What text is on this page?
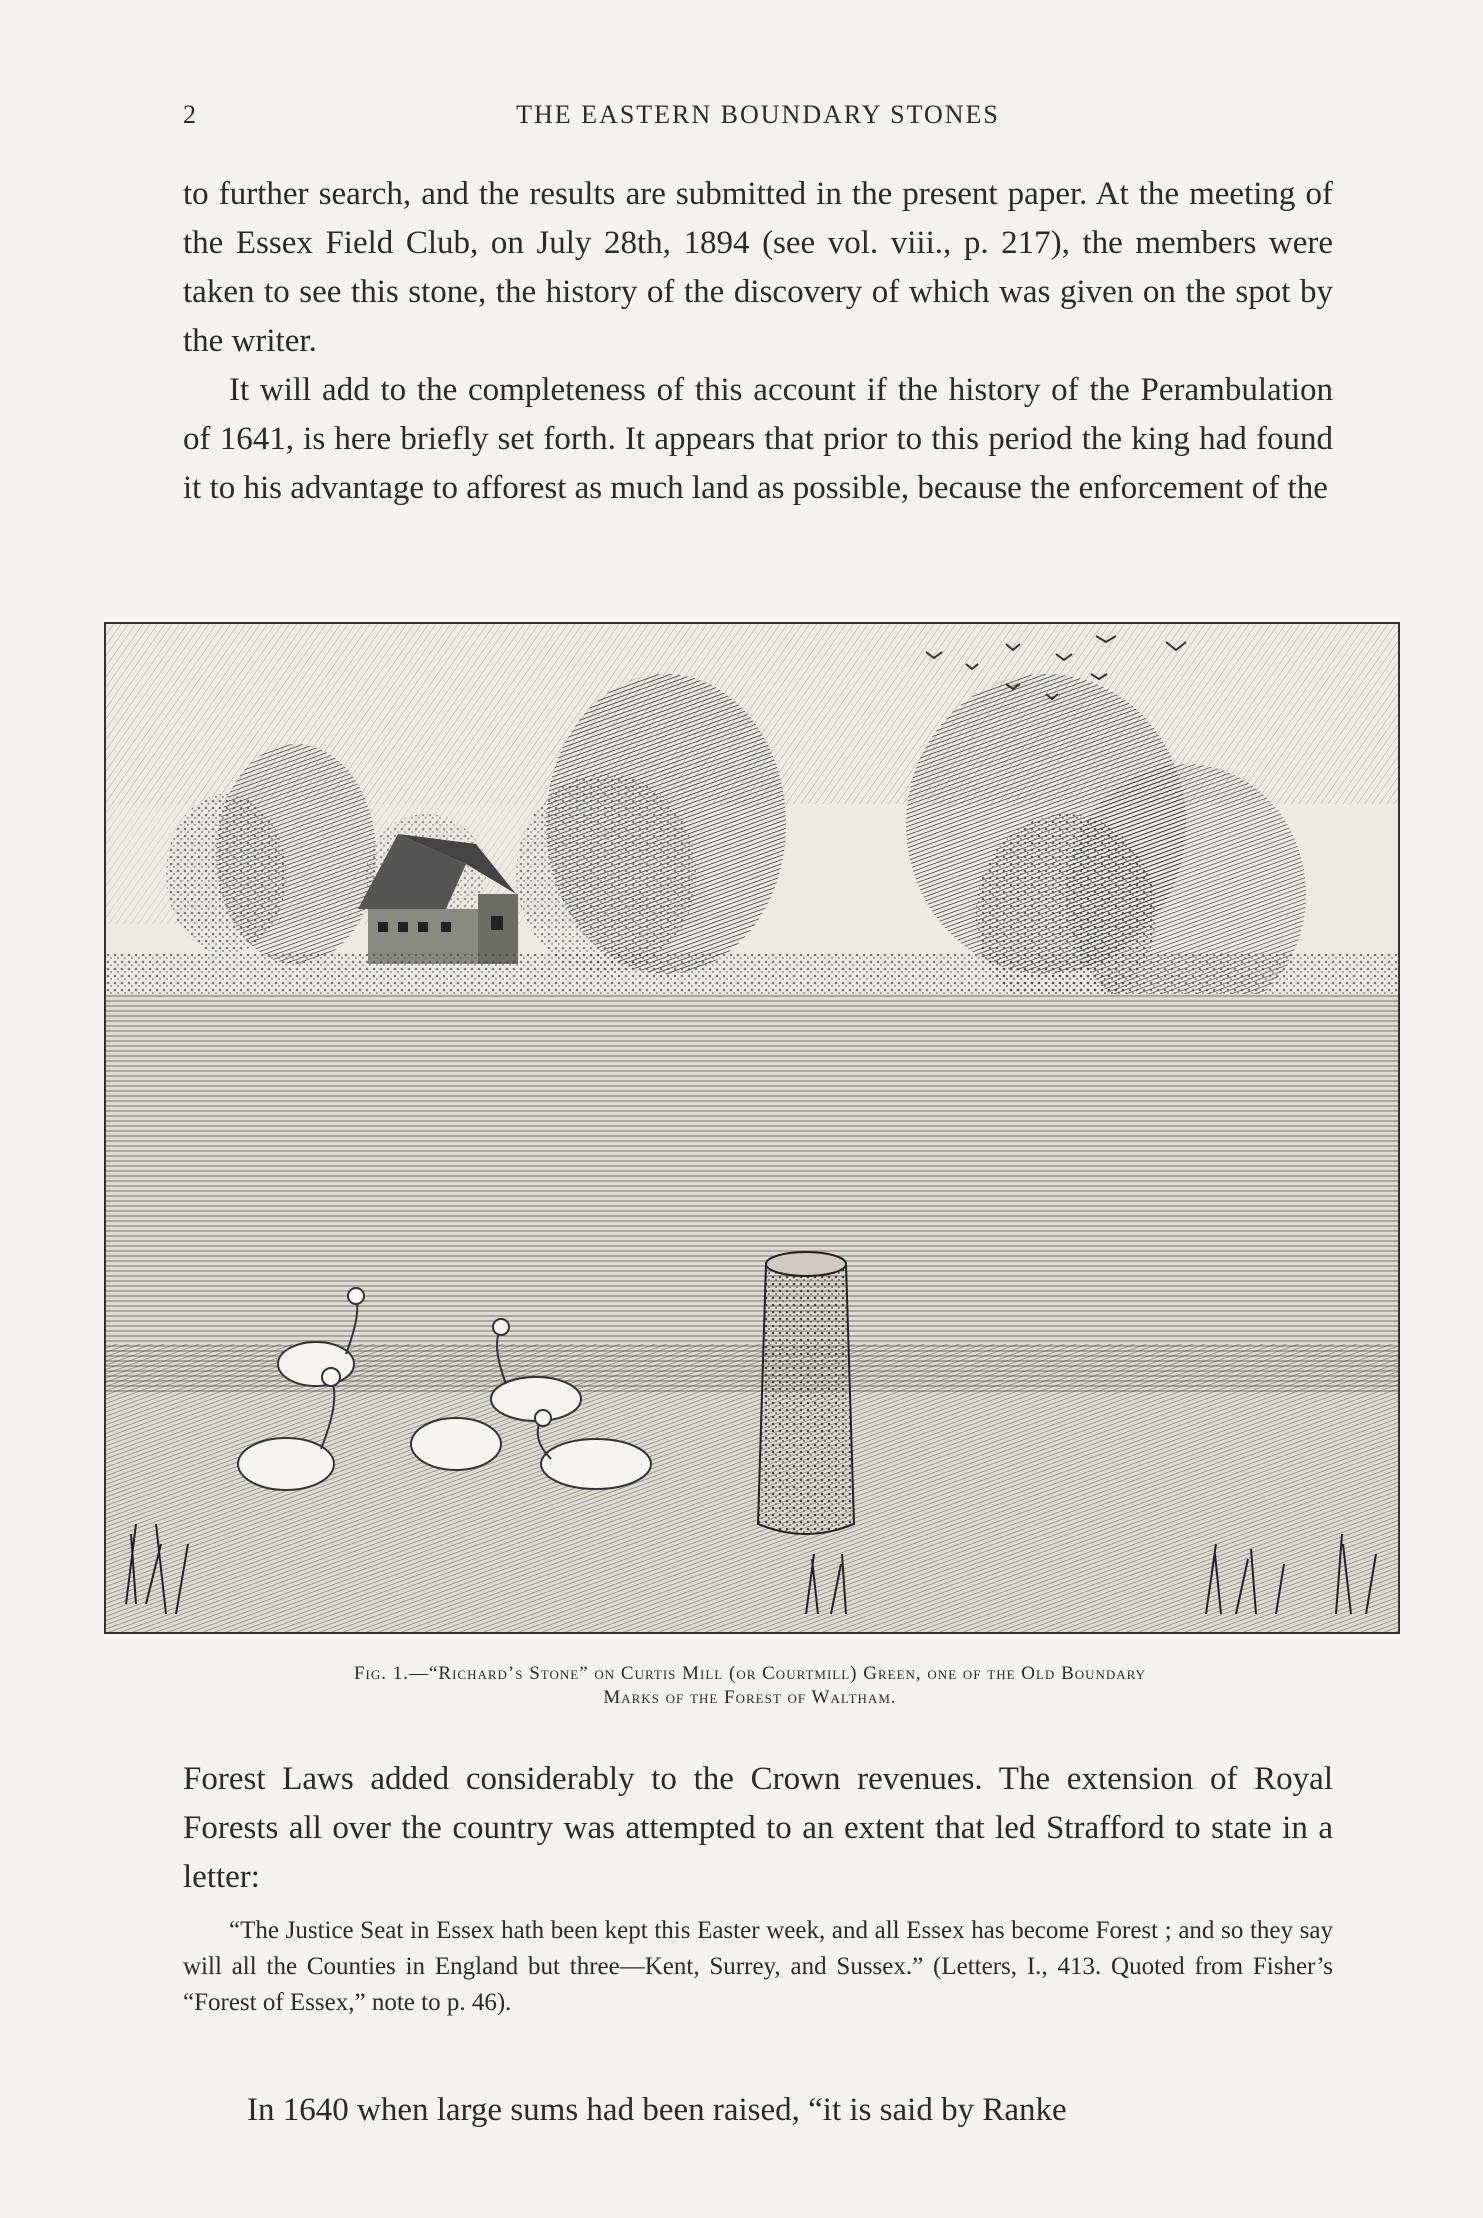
2	THE EASTERN BOUNDARY STONES

to further search, and the results are submitted in the present paper. At the meeting of the Essex Field Club, on July 28th, 1894 (see vol. viii., p. 217), the members were taken to see this stone, the history of the discovery of which was given on the spot by the writer.

It will add to the completeness of this account if the history of the Perambulation of 1641, is here briefly set forth. It appears that prior to this period the king had found it to his advantage to afforest as much land as possible, because the enforcement of the

Fig. 1.—“Richard’s Stone” on Curtis Mill (or Courtmill) Green, one of the Old Boundary
Marks of the Forest of Waltham.

Forest Laws added considerably to the Crown revenues. The extension of Royal Forests all over the country was attempted to an extent that led Strafford to state in a letter:

“The Justice Seat in Essex hath been kept this Easter week, and all Essex has become Forest ; and so they say will all the Counties in England but three—Kent, Surrey, and Sussex.” (Letters, I., 413. Quoted from Fisher’s “Forest of Essex,” note to p. 46).
In 1640 when large sums had been raised, “it is said by Ranke
